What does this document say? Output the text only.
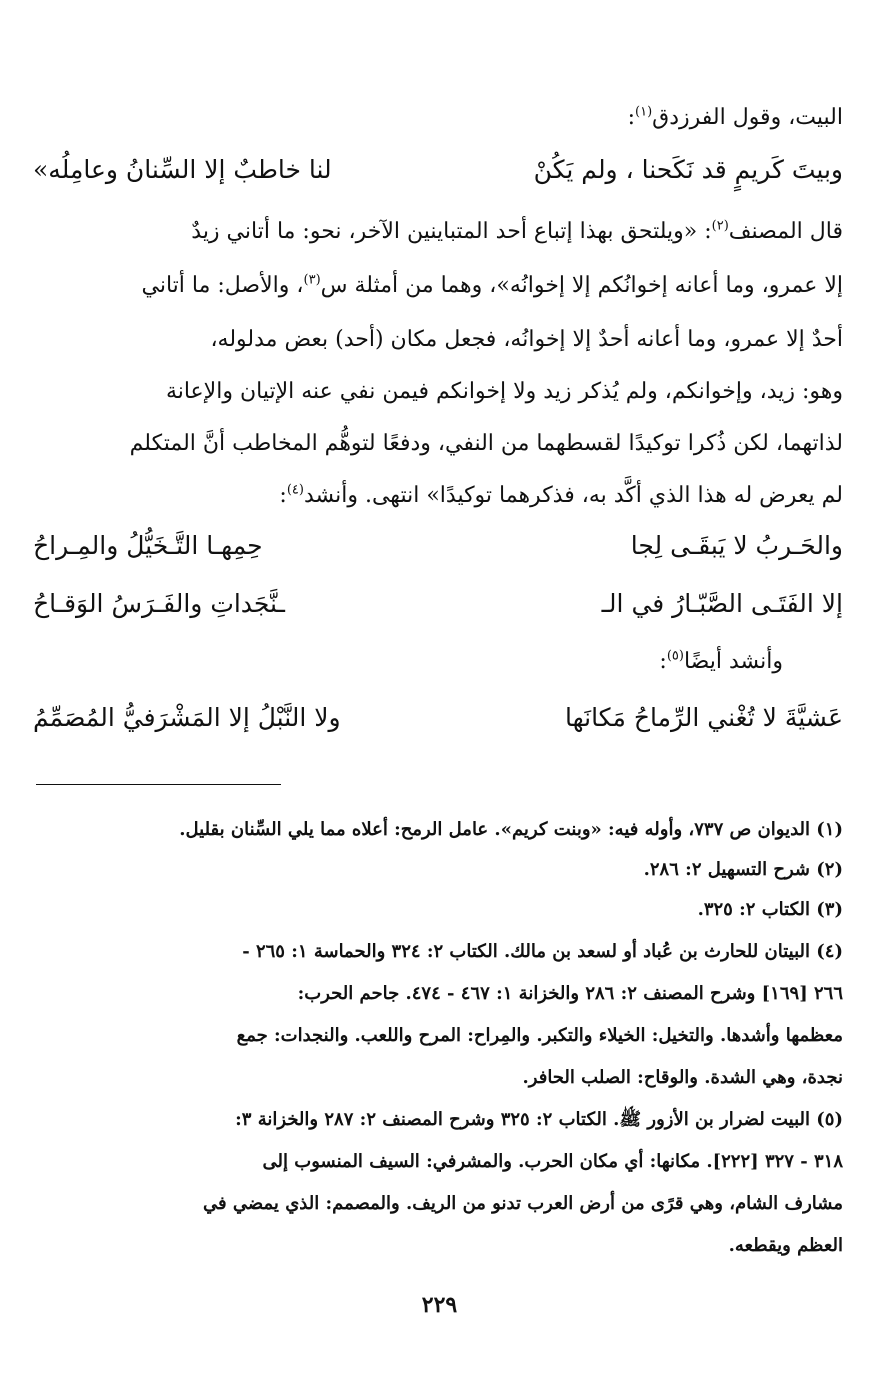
البيت، وقول الفرزدق$^{(١)}$:
وبيتَ كَريمٍ قد نَكَحنا ، ولم يَكُنْ
لنا خاطبٌ إلا السِّنانُ وعامِلُه»
قال المصنف$^{(٢)}$: «ويلتحق بهذا إتباع أحد المتباينين الآخر، نحو: ما أتاني زيدٌ
إلا عمرو، وما أعانه إخوانُكم إلا إخوانُه»، وهما من أمثلة س$^{(٣)}$، والأصل: ما أتاني
أحدٌ إلا عمرو، وما أعانه أحدٌ إلا إخوانُه، فجعل مكان (أحد) بعض مدلوله،
وهو: زيد، وإخوانكم، ولم يُذكر زيد ولا إخوانكم فيمن نفي عنه الإتيان والإعانة
لذاتهما، لكن ذُكرا توكيدًا لقسطهما من النفي، ودفعًا لتوهُّم المخاطب أنَّ المتكلم
لم يعرض له هذا الذي أكَّد به، فذكرهما توكيدًا» انتهى. وأنشد$^{(٤)}$:
والحَـربُ لا يَبقَـى لِجا
حِمِهـا التَّـخَيُّلُ والمِـراحُ
إلا الفَتَـى الصَّبّـارُ في الـ
ـنَّجَداتِ والفَـرَسُ الوَقـاحُ
وأنشد أيضًا$^{(٥)}$:
عَشيَّةَ لا تُغْني الرِّماحُ مَكانَها
ولا النَّبْلُ إلا المَشْرَفيُّ المُصَمِّمُ
(١) الديوان ص ٧٣٧، وأوله فيه: «وبنت كريم». عامل الرمح: أعلاه مما يلي السِّنان بقليل.
(٢) شرح التسهيل ٢: ٢٨٦.
(٣) الكتاب ٢: ٣٢٥.
(٤) البيتان للحارث بن عُباد أو لسعد بن مالك. الكتاب ٢: ٣٢٤ والحماسة ١: ٢٦٥ -
٢٦٦ [١٦٩] وشرح المصنف ٢: ٢٨٦ والخزانة ١: ٤٦٧ - ٤٧٤. جاحم الحرب:
معظمها وأشدها. والتخيل: الخيلاء والتكبر. والمِراح: المرح واللعب. والنجدات: جمع
نجدة، وهي الشدة. والوقاح: الصلب الحافر.
(٥) البيت لضرار بن الأزور ﷺ. الكتاب ٢: ٣٢٥ وشرح المصنف ٢: ٢٨٧ والخزانة ٣:
٣١٨ - ٣٢٧ [٢٢٢]. مكانها: أي مكان الحرب. والمشرفي: السيف المنسوب إلى
مشارف الشام، وهي قرًى من أرض العرب تدنو من الريف. والمصمم: الذي يمضي في
العظم ويقطعه.
٢٢٩
